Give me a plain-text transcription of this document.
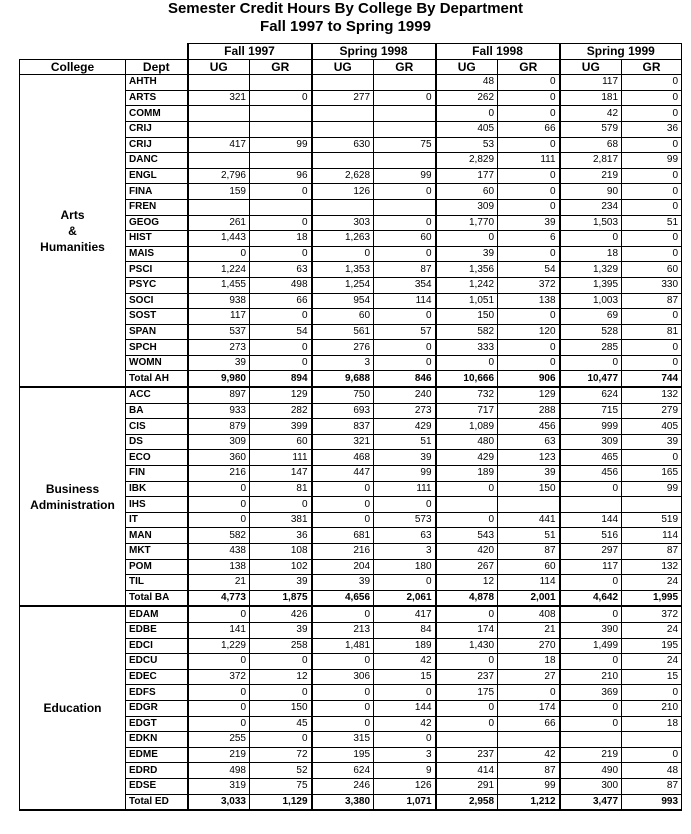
Semester Credit Hours By College By Department
Fall 1997 to Spring 1999
		Fall 1997		Spring 1998		Fall 1998		Spring 1999	
College	Dept	UG	GR	UG	GR	UG	GR	UG	GR

Arts
&
Humanities	AHTH					48	0	117	0
	ARTS	321	0	277	0	262	0	181	0
	COMM					0	0	42	0
	CRIJ					405	66	579	36
	CRIJ	417	99	630	75	53	0	68	0
	DANC					2,829	111	2,817	99
	ENGL	2,796	96	2,628	99	177	0	219	0
	FINA	159	0	126	0	60	0	90	0
	FREN					309	0	234	0
	GEOG	261	0	303	0	1,770	39	1,503	51
	HIST	1,443	18	1,263	60	0	6	0	0
	MAIS	0	0	0	0	39	0	18	0
	PSCI	1,224	63	1,353	87	1,356	54	1,329	60
	PSYC	1,455	498	1,254	354	1,242	372	1,395	330
	SOCI	938	66	954	114	1,051	138	1,003	87
	SOST	117	0	60	0	150	0	69	0
	SPAN	537	54	561	57	582	120	528	81
	SPCH	273	0	276	0	333	0	285	0
	WOMN	39	0	3	0	0	0	0	0
	Total AH	9,980	894	9,688	846	10,666	906	10,477	744

Business
Administration	ACC	897	129	750	240	732	129	624	132
	BA	933	282	693	273	717	288	715	279
	CIS	879	399	837	429	1,089	456	999	405
	DS	309	60	321	51	480	63	309	39
	ECO	360	111	468	39	429	123	465	0
	FIN	216	147	447	99	189	39	456	165
	IBK	0	81	0	111	0	150	0	99
	IHS	0	0	0	0				
	IT	0	381	0	573	0	441	144	519
	MAN	582	36	681	63	543	51	516	114
	MKT	438	108	216	3	420	87	297	87
	POM	138	102	204	180	267	60	117	132
	TIL	21	39	39	0	12	114	0	24
	Total BA	4,773	1,875	4,656	2,061	4,878	2,001	4,642	1,995

Education	EDAM	0	426	0	417	0	408	0	372
	EDBE	141	39	213	84	174	21	390	24
	EDCI	1,229	258	1,481	189	1,430	270	1,499	195
	EDCU	0	0	0	42	0	18	0	24
	EDEC	372	12	306	15	237	27	210	15
	EDFS	0	0	0	0	175	0	369	0
	EDGR	0	150	0	144	0	174	0	210
	EDGT	0	45	0	42	0	66	0	18
	EDKN	255	0	315	0				
	EDME	219	72	195	3	237	42	219	0
	EDRD	498	52	624	9	414	87	490	48
	EDSE	319	75	246	126	291	99	300	87
	Total ED	3,033	1,129	3,380	1,071	2,958	1,212	3,477	993
